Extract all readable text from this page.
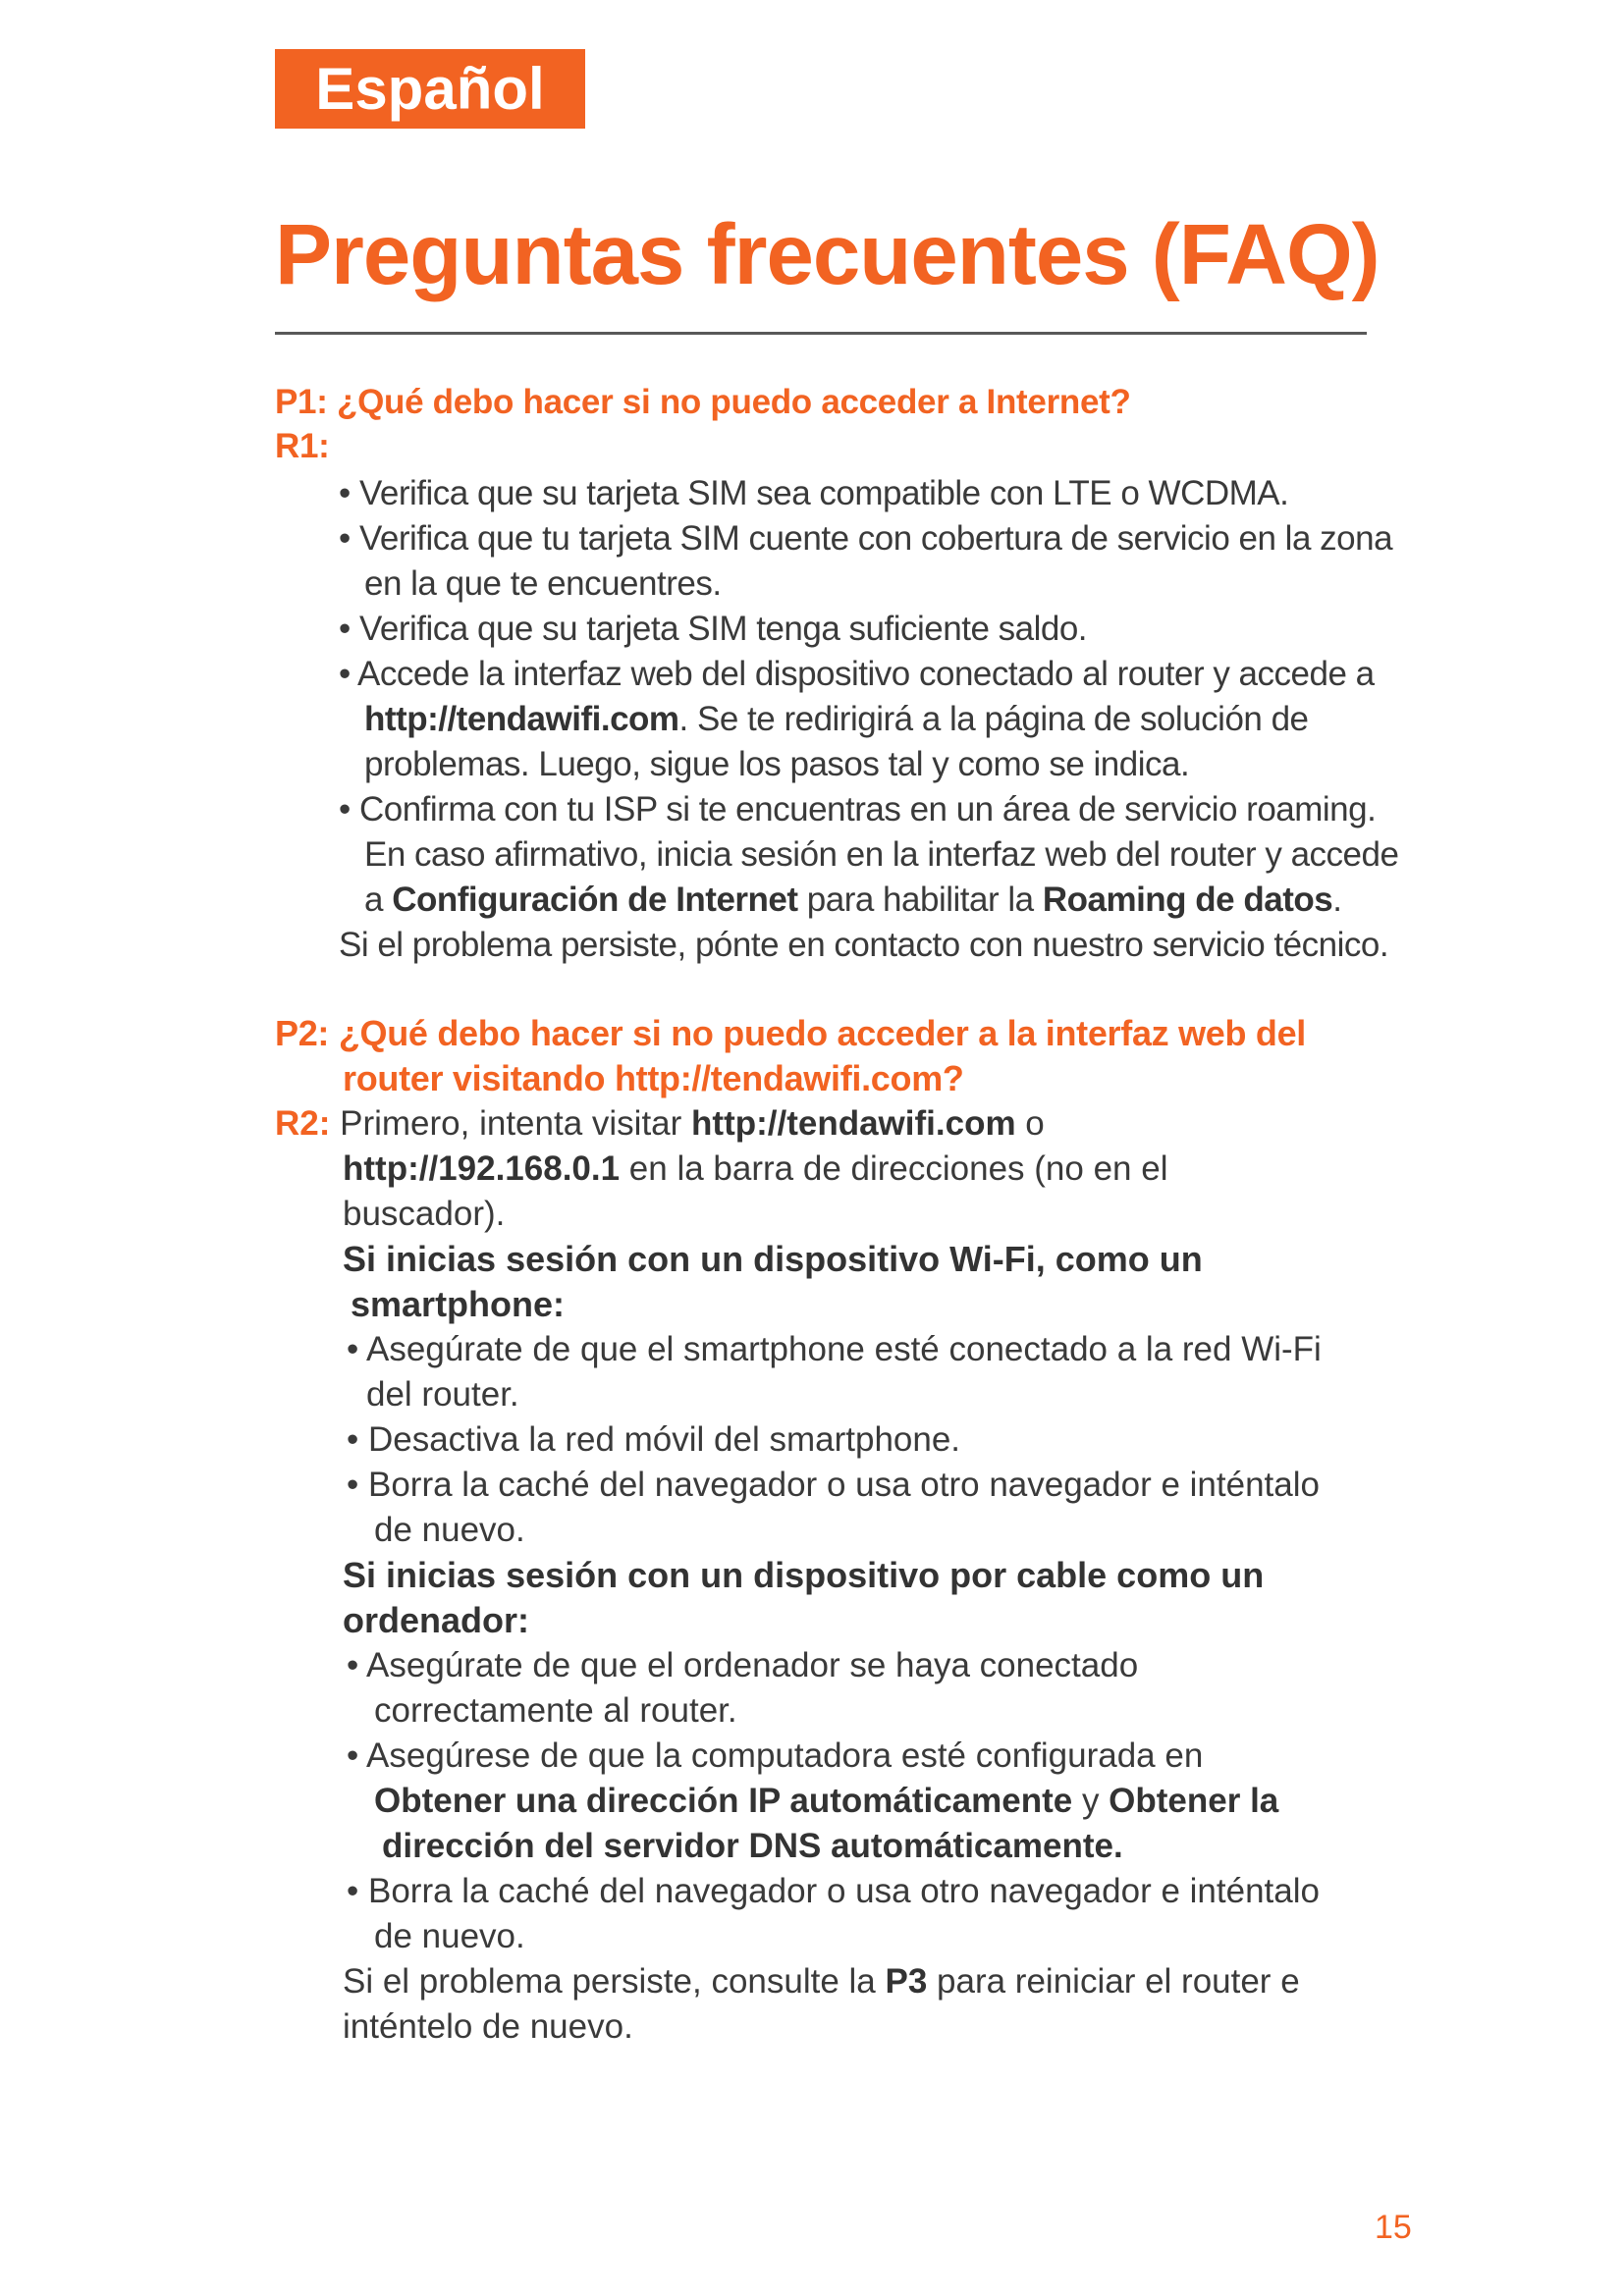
Español
Preguntas frecuentes (FAQ)
P1: ¿Qué debo hacer si no puedo acceder a Internet?
R1:
• Verifica que su tarjeta SIM sea compatible con LTE o WCDMA.
• Verifica que tu tarjeta SIM cuente con cobertura de servicio en la zona
en la que te encuentres.
• Verifica que su tarjeta SIM tenga suficiente saldo.
• Accede la interfaz web del dispositivo conectado al router y accede a
http://tendawifi.com. Se te redirigirá a la página de solución de
problemas. Luego, sigue los pasos tal y como se indica.
• Confirma con tu ISP si te encuentras en un área de servicio roaming.
En caso afirmativo, inicia sesión en la interfaz web del router y accede
a Configuración de Internet para habilitar la Roaming de datos.
Si el problema persiste, pónte en contacto con nuestro servicio técnico.
P2: ¿Qué debo hacer si no puedo acceder a la interfaz web del
router visitando http://tendawifi.com?
R2: Primero, intenta visitar http://tendawifi.com o
http://192.168.0.1 en la barra de direcciones (no en el
buscador).
Si inicias sesión con un dispositivo Wi-Fi, como un
smartphone:
• Asegúrate de que el smartphone esté conectado a la red Wi-Fi
del router.
• Desactiva la red móvil del smartphone.
• Borra la caché del navegador o usa otro navegador e inténtalo
de nuevo.
Si inicias sesión con un dispositivo por cable como un
ordenador:
• Asegúrate de que el ordenador se haya conectado
correctamente al router.
• Asegúrese de que la computadora esté configurada en
Obtener una dirección IP automáticamente y Obtener la
dirección del servidor DNS automáticamente.
• Borra la caché del navegador o usa otro navegador e inténtalo
de nuevo.
Si el problema persiste, consulte la P3 para reiniciar el router e
inténtelo de nuevo.
15
